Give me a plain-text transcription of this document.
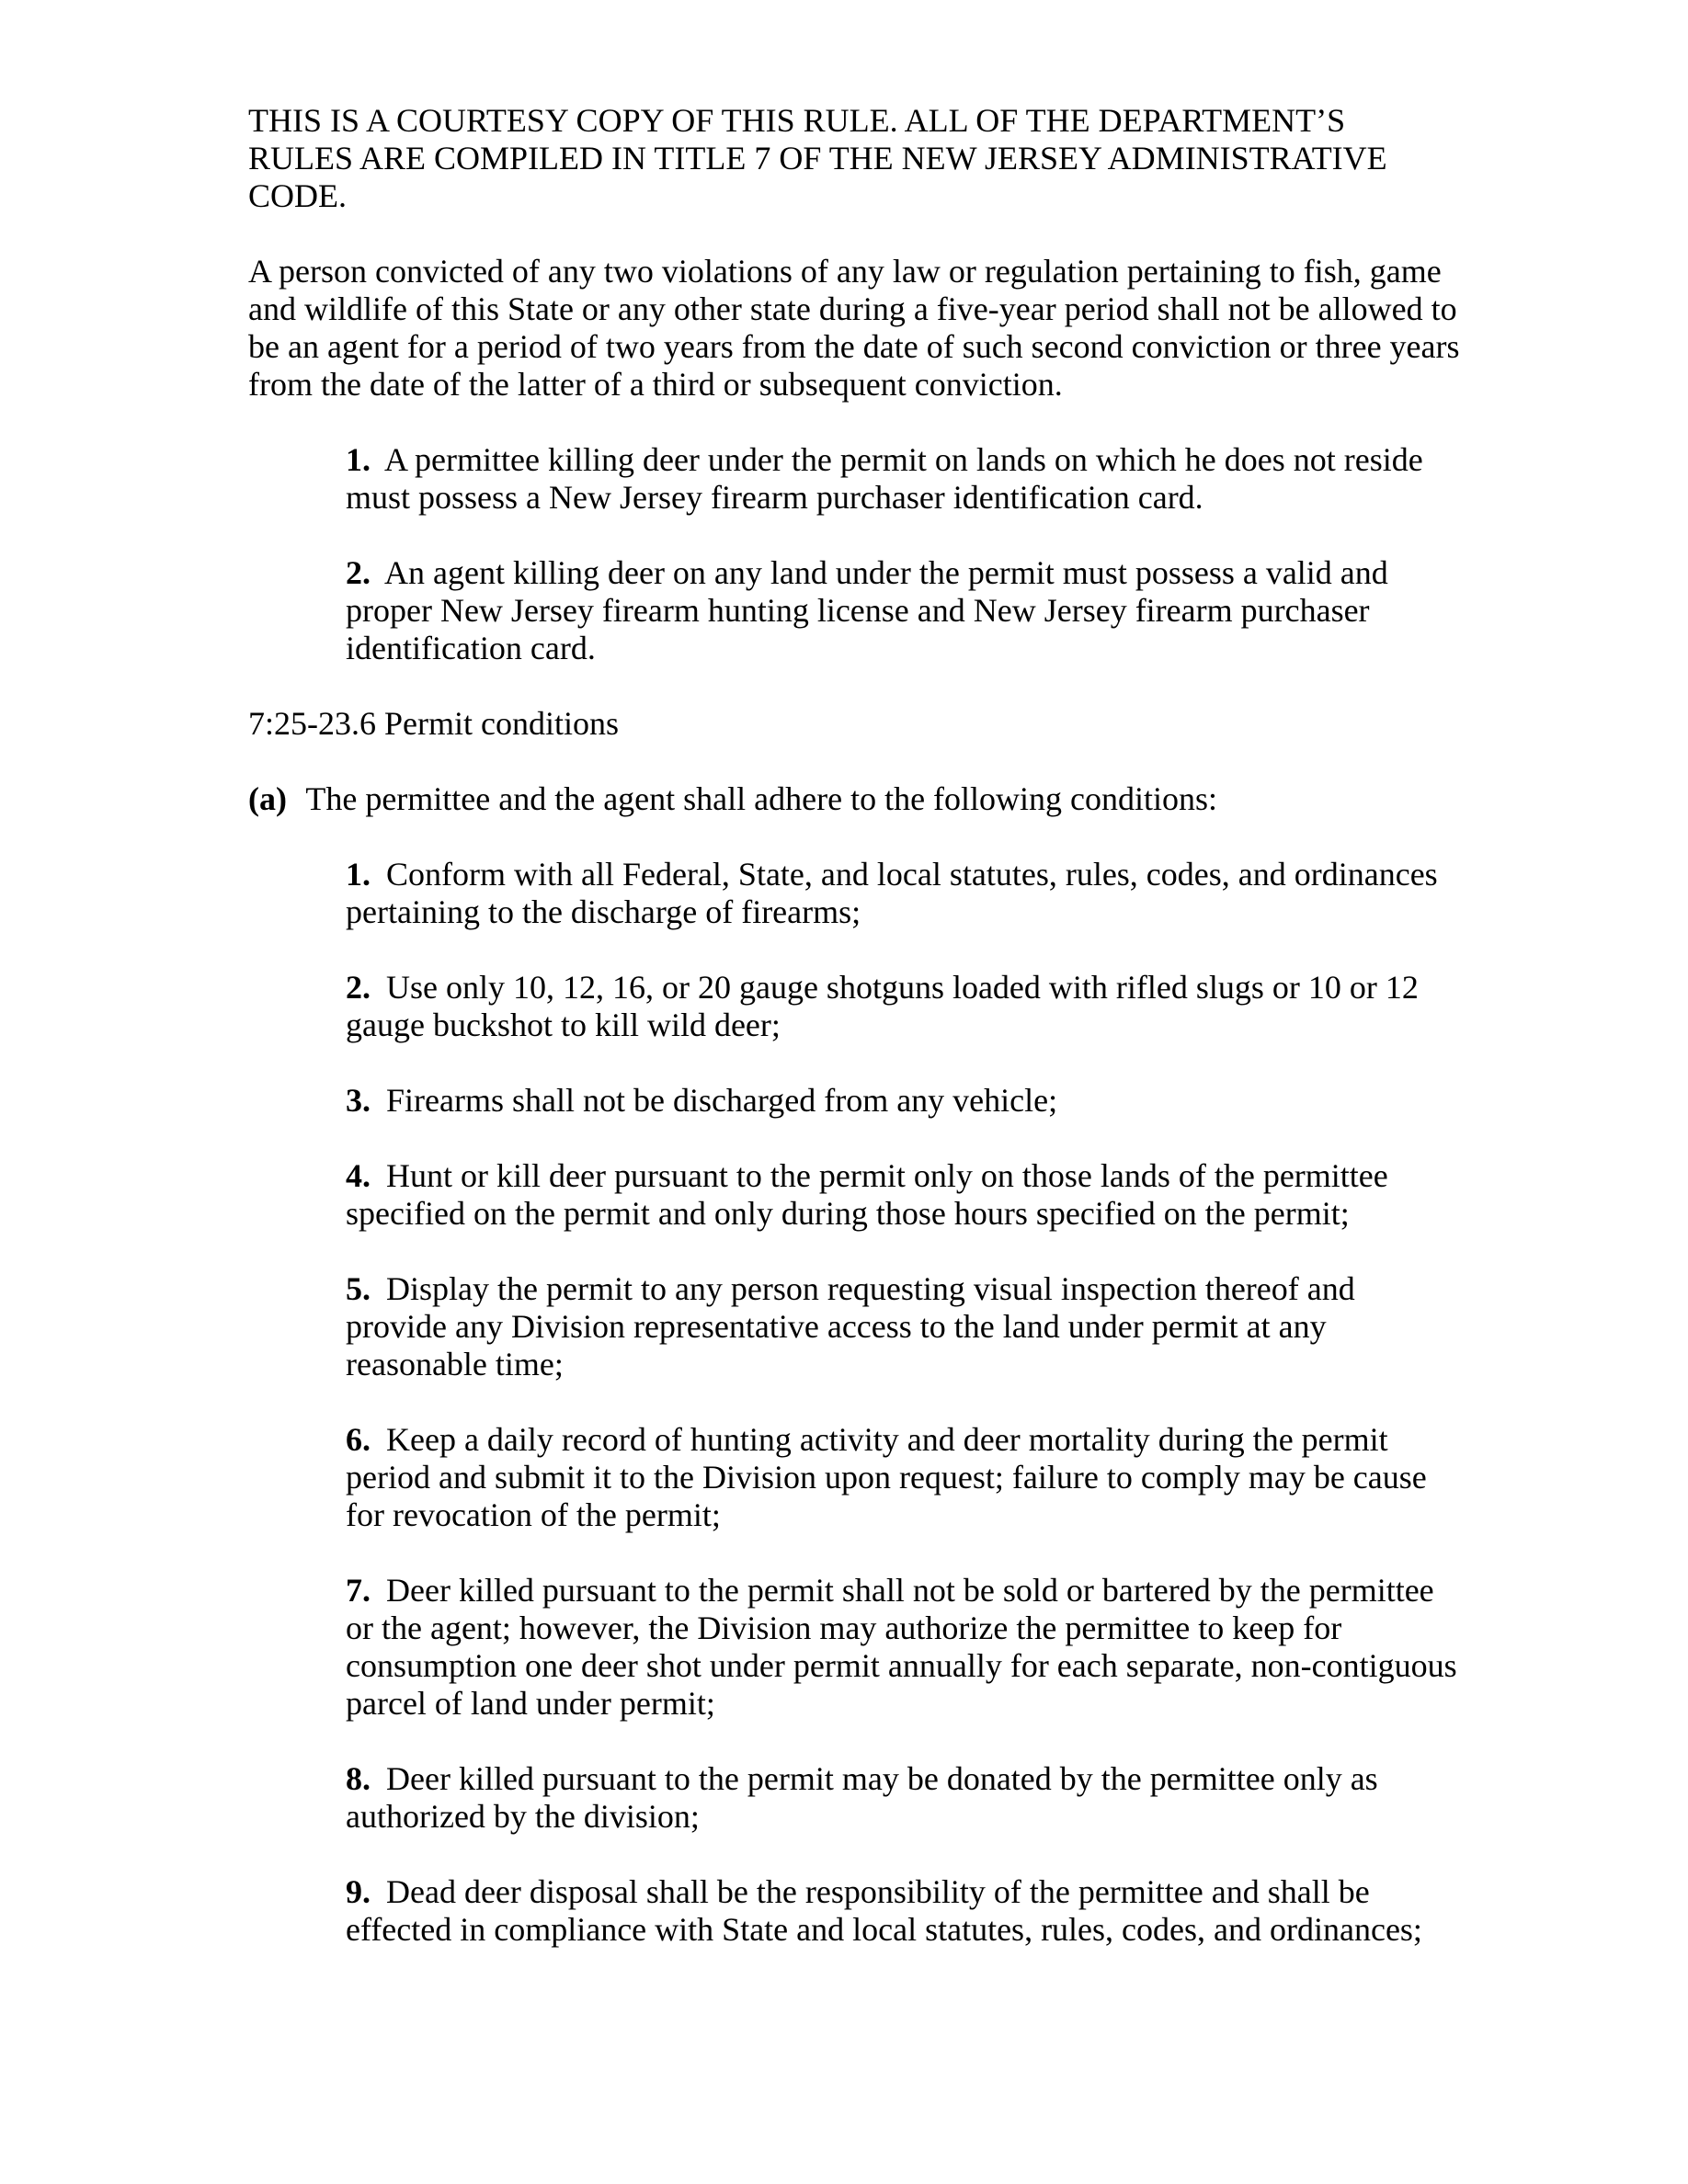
THIS IS A COURTESY COPY OF THIS RULE. ALL OF THE DEPARTMENT’S RULES ARE COMPILED IN TITLE 7 OF THE NEW JERSEY ADMINISTRATIVE CODE.
A person convicted of any two violations of any law or regulation pertaining to fish, game and wildlife of this State or any other state during a five-year period shall not be allowed to be an agent for a period of two years from the date of such second conviction or three years from the date of the latter of a third or subsequent conviction.
1. A permittee killing deer under the permit on lands on which he does not reside must possess a New Jersey firearm purchaser identification card.
2. An agent killing deer on any land under the permit must possess a valid and proper New Jersey firearm hunting license and New Jersey firearm purchaser identification card.
7:25-23.6 Permit conditions
(a) The permittee and the agent shall adhere to the following conditions:
1. Conform with all Federal, State, and local statutes, rules, codes, and ordinances pertaining to the discharge of firearms;
2. Use only 10, 12, 16, or 20 gauge shotguns loaded with rifled slugs or 10 or 12 gauge buckshot to kill wild deer;
3. Firearms shall not be discharged from any vehicle;
4. Hunt or kill deer pursuant to the permit only on those lands of the permittee specified on the permit and only during those hours specified on the permit;
5. Display the permit to any person requesting visual inspection thereof and provide any Division representative access to the land under permit at any reasonable time;
6. Keep a daily record of hunting activity and deer mortality during the permit period and submit it to the Division upon request; failure to comply may be cause for revocation of the permit;
7. Deer killed pursuant to the permit shall not be sold or bartered by the permittee or the agent; however, the Division may authorize the permittee to keep for consumption one deer shot under permit annually for each separate, non-contiguous parcel of land under permit;
8. Deer killed pursuant to the permit may be donated by the permittee only as authorized by the division;
9. Dead deer disposal shall be the responsibility of the permittee and shall be effected in compliance with State and local statutes, rules, codes, and ordinances;
